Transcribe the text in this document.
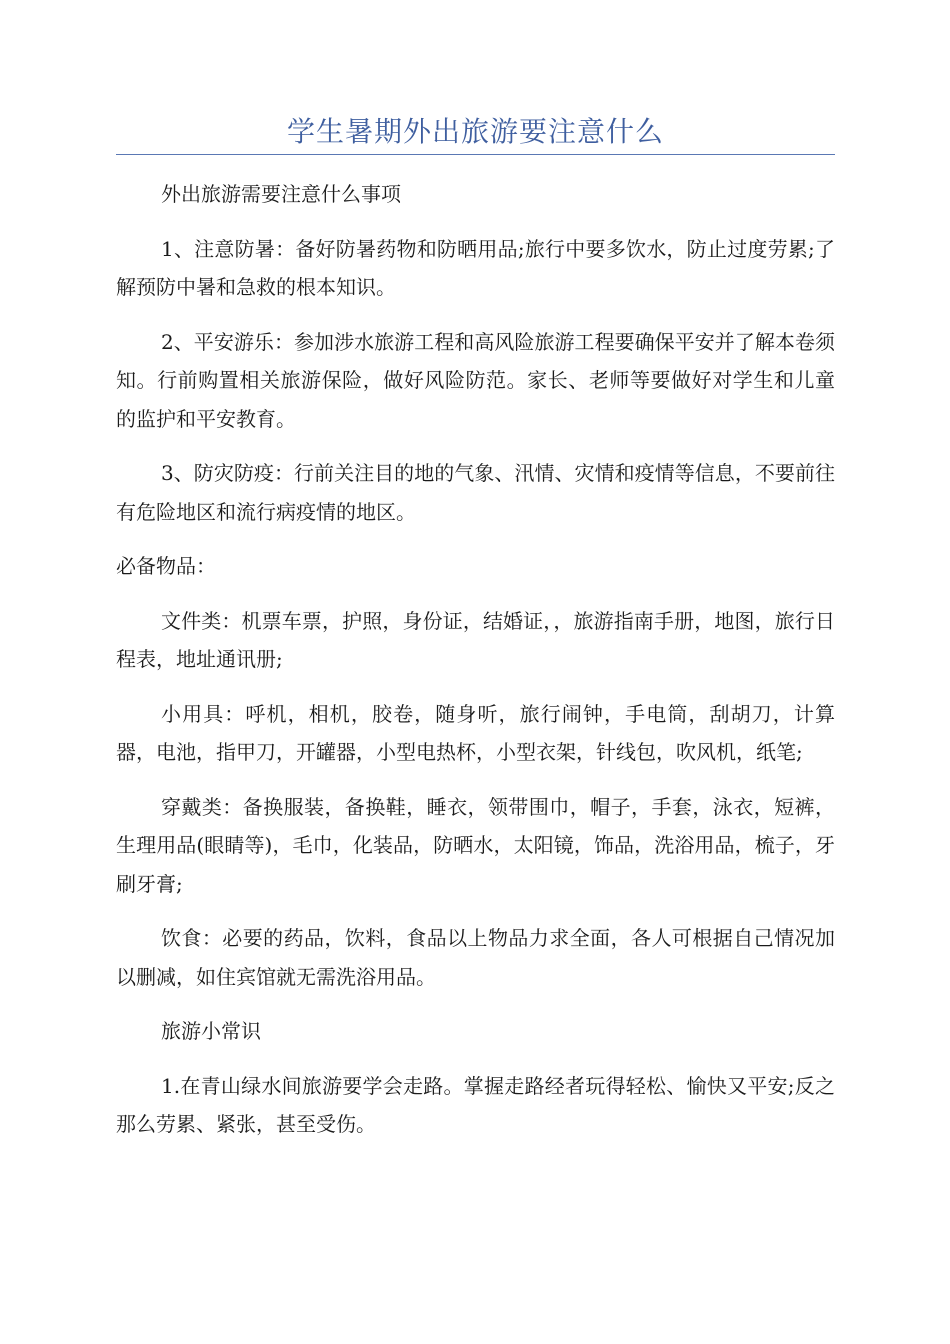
学生暑期外出旅游要注意什么

外出旅游需要注意什么事项

1、注意防暑：备好防暑药物和防晒用品;旅行中要多饮水，防止过度劳累;了解预防中暑和急救的根本知识。

2、平安游乐：参加涉水旅游工程和高风险旅游工程要确保平安并了解本卷须知。行前购置相关旅游保险，做好风险防范。家长、老师等要做好对学生和儿童的监护和平安教育。

3、防灾防疫：行前关注目的地的气象、汛情、灾情和疫情等信息，不要前往有危险地区和流行病疫情的地区。

必备物品：

文件类：机票车票，护照，身份证，结婚证，，旅游指南手册，地图，旅行日程表，地址通讯册;

小用具：呼机，相机，胶卷，随身听，旅行闹钟，手电筒，刮胡刀，计算器，电池，指甲刀，开罐器，小型电热杯，小型衣架，针线包，吹风机，纸笔;

穿戴类：备换服装，备换鞋，睡衣，领带围巾，帽子，手套，泳衣，短裤，生理用品(眼睛等)，毛巾，化装品，防晒水，太阳镜，饰品，洗浴用品，梳子，牙刷牙膏;

饮食：必要的药品，饮料，食品以上物品力求全面，各人可根据自己情况加以删减，如住宾馆就无需洗浴用品。

旅游小常识

1.在青山绿水间旅游要学会走路。掌握走路经者玩得轻松、愉快又平安;反之那么劳累、紧张，甚至受伤。
